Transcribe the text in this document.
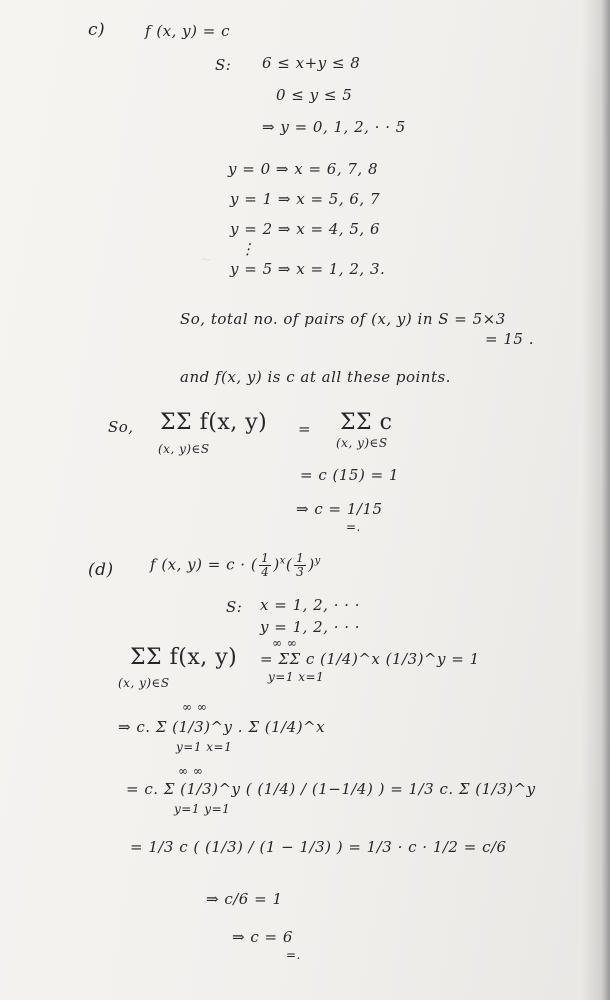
~
c)	f (x, y) = c
S: 6 ≤ x+y ≤ 8
0 ≤ y ≤ 5
⇒ y = 0, 1, 2, · · 5
y = 0 ⇒ x = 6, 7, 8
y = 1 ⇒ x = 5, 6, 7
y = 2 ⇒ x = 4, 5, 6
⋮
y = 5 ⇒ x = 1, 2, 3.
So, total no. of pairs of (x, y) in S = 5×3
= 15 .
and f(x, y) is c at all these points.
So, ΣΣ f(x, y)
(x, y)∈S
= ΣΣ c
(x, y)∈S
= c (15) = 1
⇒ c = 1/15
=.
(d) f (x, y) = c · ( $\frac{1}{4} )^x( \frac{1}{3} )^y$
S: x = 1, 2, · · ·
y = 1, 2, · · ·
ΣΣ f(x, y)
(x, y)∈S
∞ ∞
= ΣΣ c (1/4)^x (1/3)^y = 1
y=1 x=1
∞ ∞
⇒ c. Σ (1/3)^y . Σ (1/4)^x
y=1 x=1
∞ ∞
= c. Σ (1/3)^y ( (1/4) / (1−1/4) ) = 1/3 c. Σ (1/3)^y
y=1 y=1
= 1/3 c ( (1/3) / (1 − 1/3) ) = 1/3 · c · 1/2 = c/6
⇒ c/6 = 1
⇒ c = 6
=.
